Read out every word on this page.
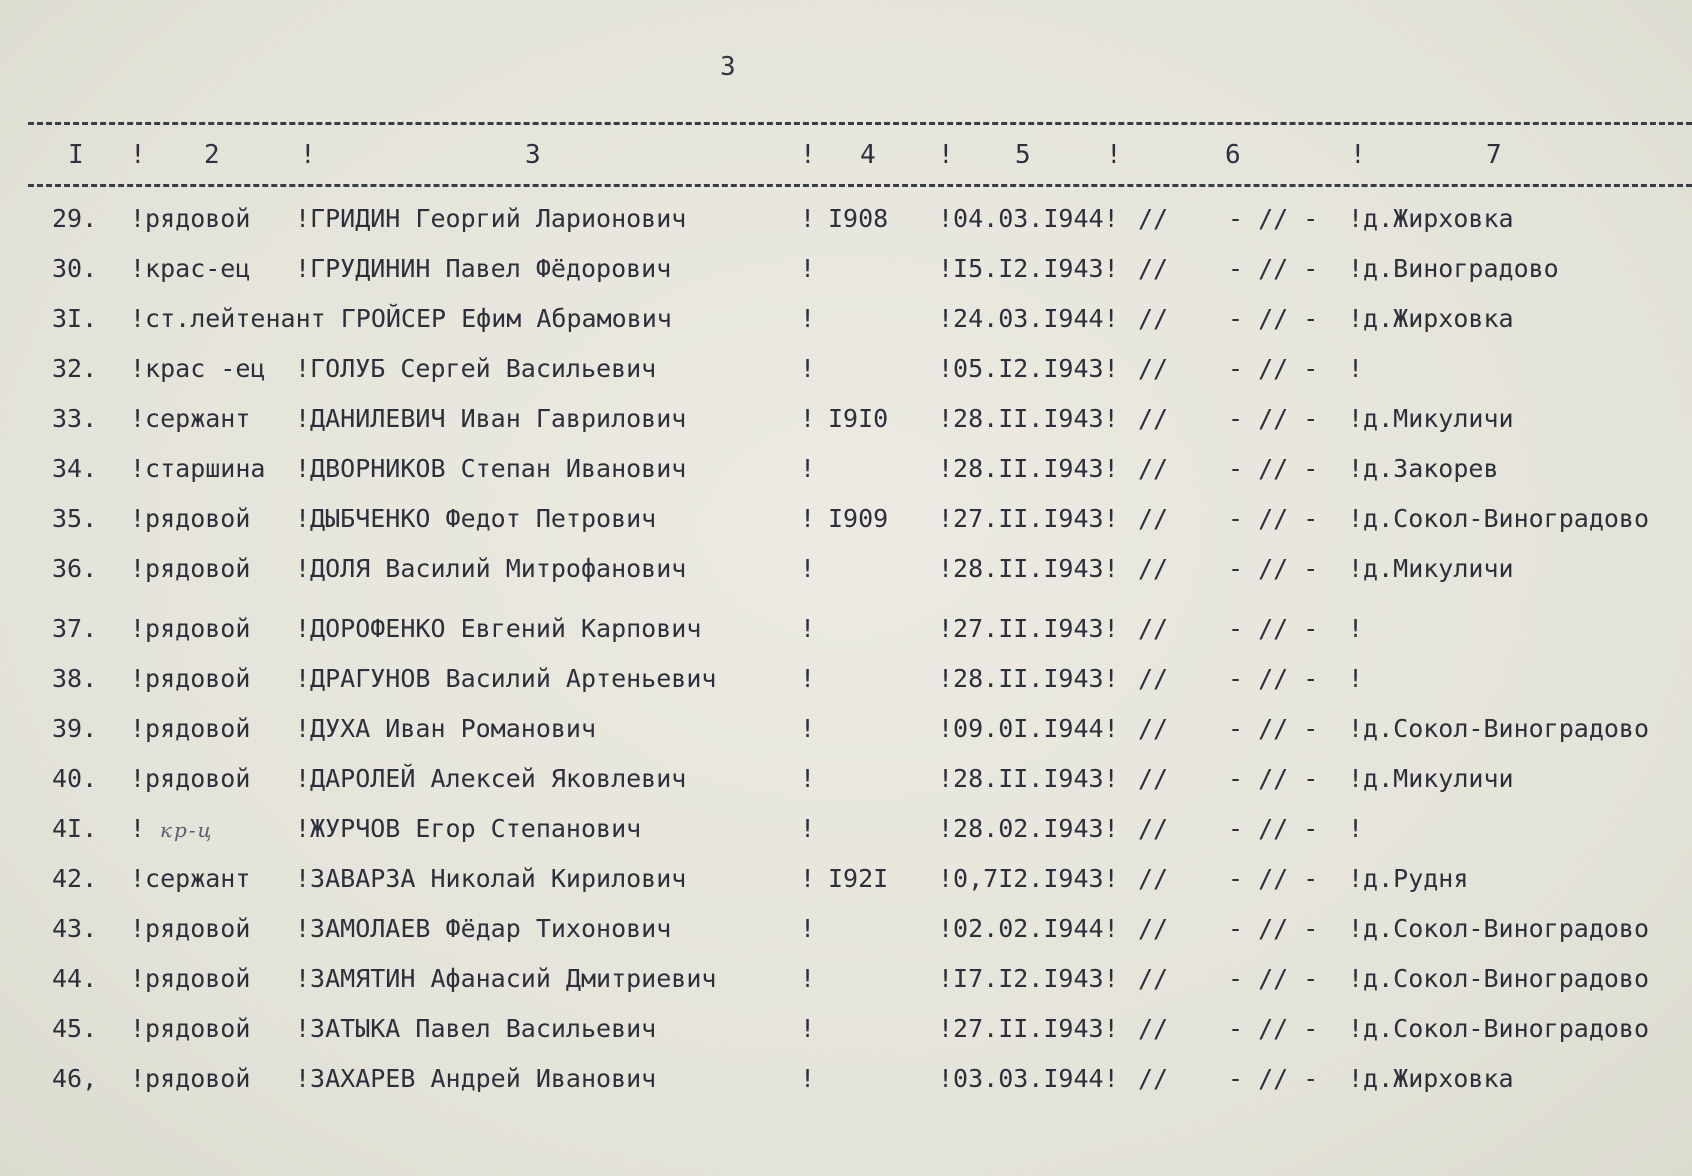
3
I ! 2	!	3	! 4 ! 5	!	6	!	7
29. !рядовой !ГРИДИН Георгий Ларионович	! I908 !04.03.I944! // - // - !д.Жирховка
30. !крас-ец !ГРУДИНИН Павел Фёдорович	!	!I5.I2.I943! // - // - !д.Виноградово
3I. !ст.лейтенант ГРОЙСЕР Ефим Абрамович	!	!24.03.I944! // - // - !д.Жирховка
32. !крас -ец !ГОЛУБ Сергей Васильевич	!	!05.I2.I943! // - // - !
33. !сержант !ДАНИЛЕВИЧ Иван Гаврилович	! I9I0 !28.II.I943! // - // - !д.Микуличи
34. !старшина !ДВОРНИКОВ Степан Иванович	!	!28.II.I943! // - // - !д.Закорев
35. !рядовой !ДЫБЧЕНКО Федот Петрович	! I909 !27.II.I943! // - // - !д.Сокол-Виноградово
36. !рядовой !ДОЛЯ Василий Митрофанович	!	!28.II.I943! // - // - !д.Микуличи
37. !рядовой !ДОРОФЕНКО Евгений Карпович	!	!27.II.I943! // - // - !
38. !рядовой !ДРАГУНОВ Василий Артеньевич	!	!28.II.I943! // - // - !
39. !рядовой !ДУХА Иван Романович	!	!09.0I.I944! // - // - !д.Сокол-Виноградово
40. !рядовой !ДАРОЛЕЙ Алексей Яковлевич	!	!28.II.I943! // - // - !д.Микуличи
4I. ! кр-ц	!ЖУРЧОВ Егор Степанович	!	!28.02.I943! // - // - !
42. !сержант !ЗАВАРЗА Николай Кирилович	! I92I !0,7I2.I943! // - // - !д.Рудня
43. !рядовой !ЗАМОЛАЕВ Фёдар Тихонович	!	!02.02.I944! // - // - !д.Сокол-Виноградово
44. !рядовой !ЗАМЯТИН Афанасий Дмитриевич	!	!I7.I2.I943! // - // - !д.Сокол-Виноградово
45. !рядовой !ЗАТЫКА Павел Васильевич	!	!27.II.I943! // - // - !д.Сокол-Виноградово
46, !рядовой !ЗАХАРЕВ Андрей Иванович	!	!03.03.I944! // - // - !д.Жирховка
